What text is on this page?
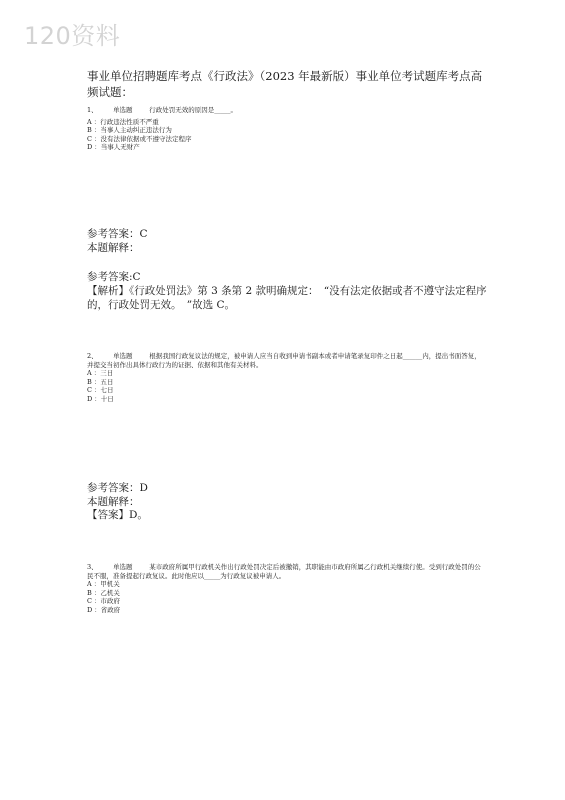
120资料
事业单位招聘题库考点《行政法》（2023 年最新版）事业单位考试题库考点高频试题：

1、 单选题	行政处罚无效的原因是_____。

A ：行政违法性质不严重

B ：当事人主动纠正违法行为

C ：没有法律依据或不遵守法定程序

D ：当事人无财产

参考答案：C

本题解释：

参考答案:C

【解析】《行政处罚法》第 3 条第 2 款明确规定：　“没有法定依据或者不遵守法定程序的，行政处罚无效。　”故选 C。

2、 单选题	根据我国行政复议法的规定，被申请人应当自收到申请书副本或者申请笔录复印件之日起______内，提出书面答复，并提交当初作出具体行政行为的证据、依据和其他有关材料。

A ：三日

B ：五日

C ：七日

D ：十日

参考答案：D

本题解释：

【答案】D。

3、 单选题	某市政府所属甲行政机关作出行政处罚决定后被撤销，其职能由市政府所属乙行政机关继续行使。受到行政处罚的公民不服，准备提起行政复议。此时他应以_____为行政复议被申请人。

A ：甲机关

B ：乙机关

C ：市政府

D ：省政府
